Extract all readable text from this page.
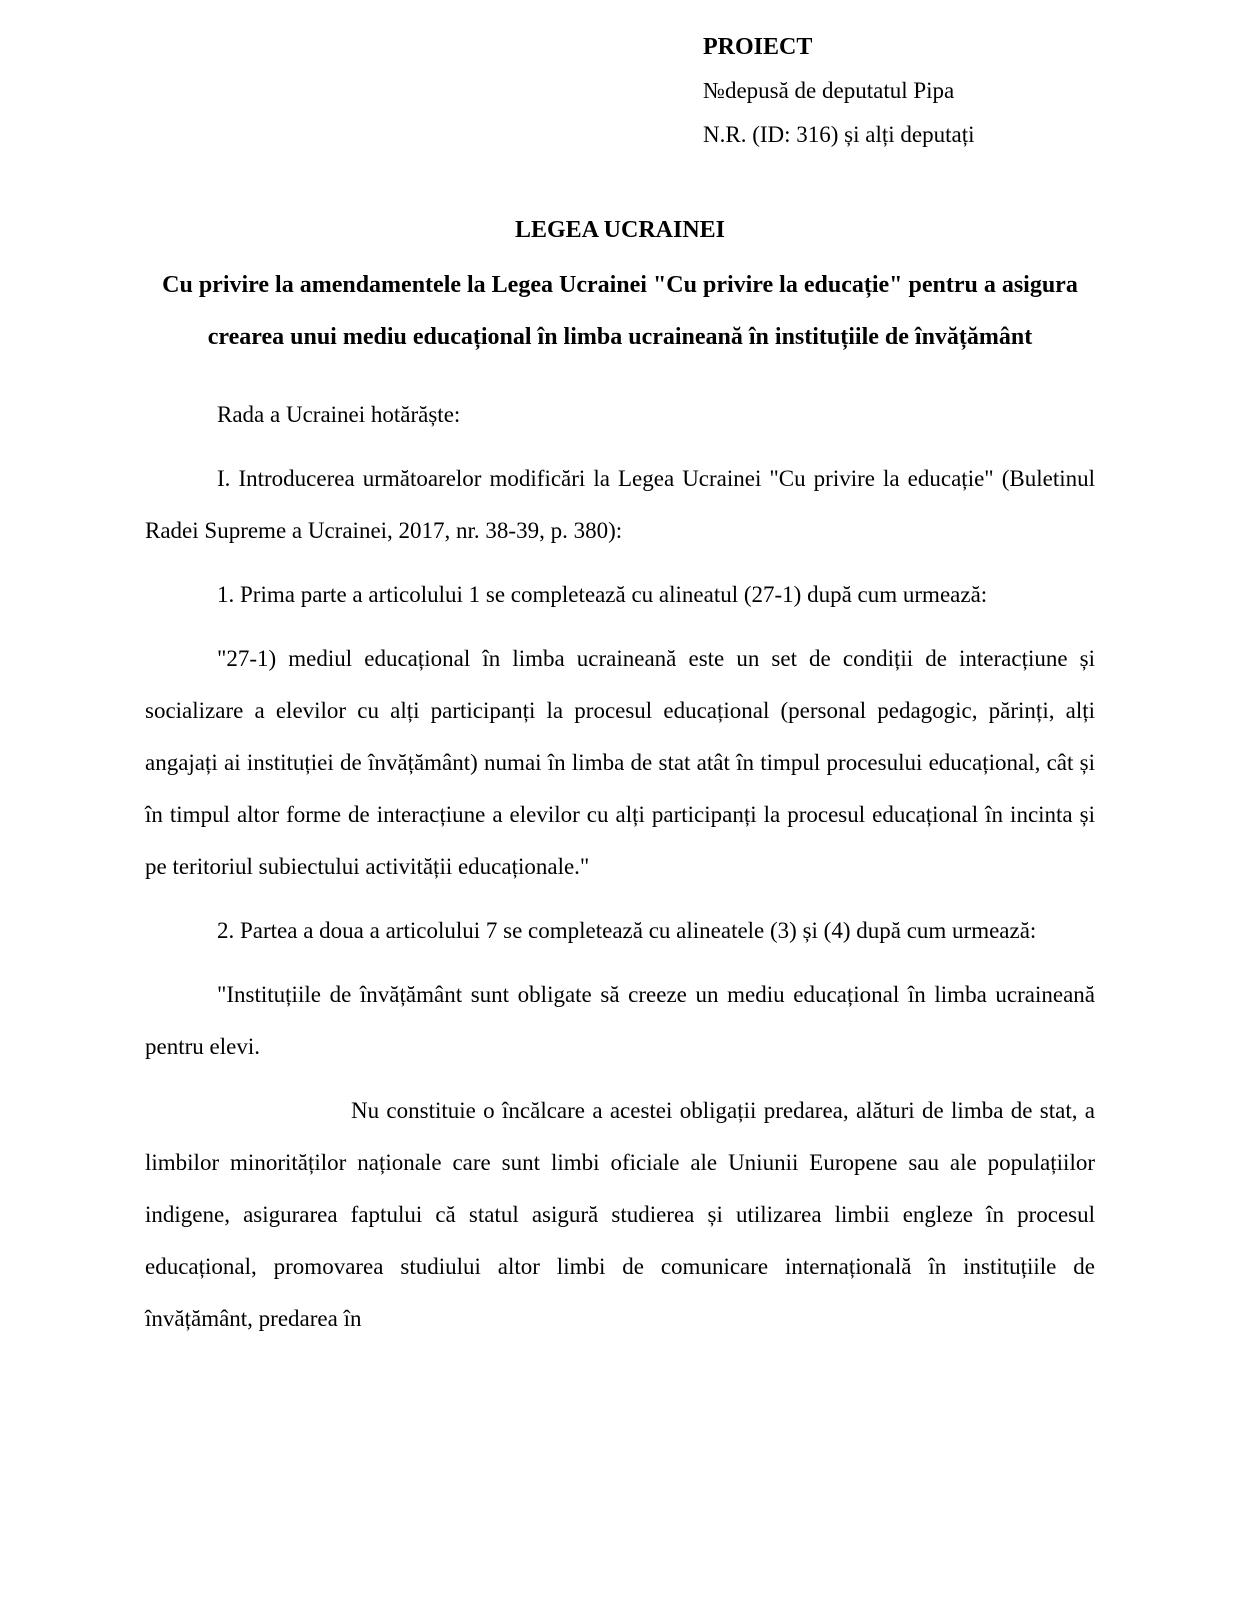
PROIECT
№depusă de deputatul Pipa
N.R. (ID: 316) și alți deputați
LEGEA UCRAINEI
Cu privire la amendamentele la Legea Ucrainei "Cu privire la educație" pentru a asigura crearea unui mediu educațional în limba ucraineană în instituțiile de învățământ

Rada a Ucrainei hotărăște:

I. Introducerea următoarelor modificări la Legea Ucrainei "Cu privire la educație" (Buletinul Radei Supreme a Ucrainei, 2017, nr. 38-39, p. 380):

1. Prima parte a articolului 1 se completează cu alineatul (27-1) după cum urmează:

"27-1) mediul educațional în limba ucraineană este un set de condiții de interacțiune și socializare a elevilor cu alți participanți la procesul educațional (personal pedagogic, părinți, alți angajați ai instituției de învățământ) numai în limba de stat atât în timpul procesului educațional, cât și în timpul altor forme de interacțiune a elevilor cu alți participanți la procesul educațional în incinta și pe teritoriul subiectului activității educaționale."

2. Partea a doua a articolului 7 se completează cu alineatele (3) și (4) după cum urmează:

"Instituțiile de învățământ sunt obligate să creeze un mediu educațional în limba ucraineană pentru elevi.

Nu constituie o încălcare a acestei obligații predarea, alături de limba de stat, a limbilor minorităților naționale care sunt limbi oficiale ale Uniunii Europene sau ale populațiilor indigene, asigurarea faptului că statul asigură studierea și utilizarea limbii engleze în procesul educațional, promovarea studiului altor limbi de comunicare internațională în instituțiile de învățământ, predarea în
